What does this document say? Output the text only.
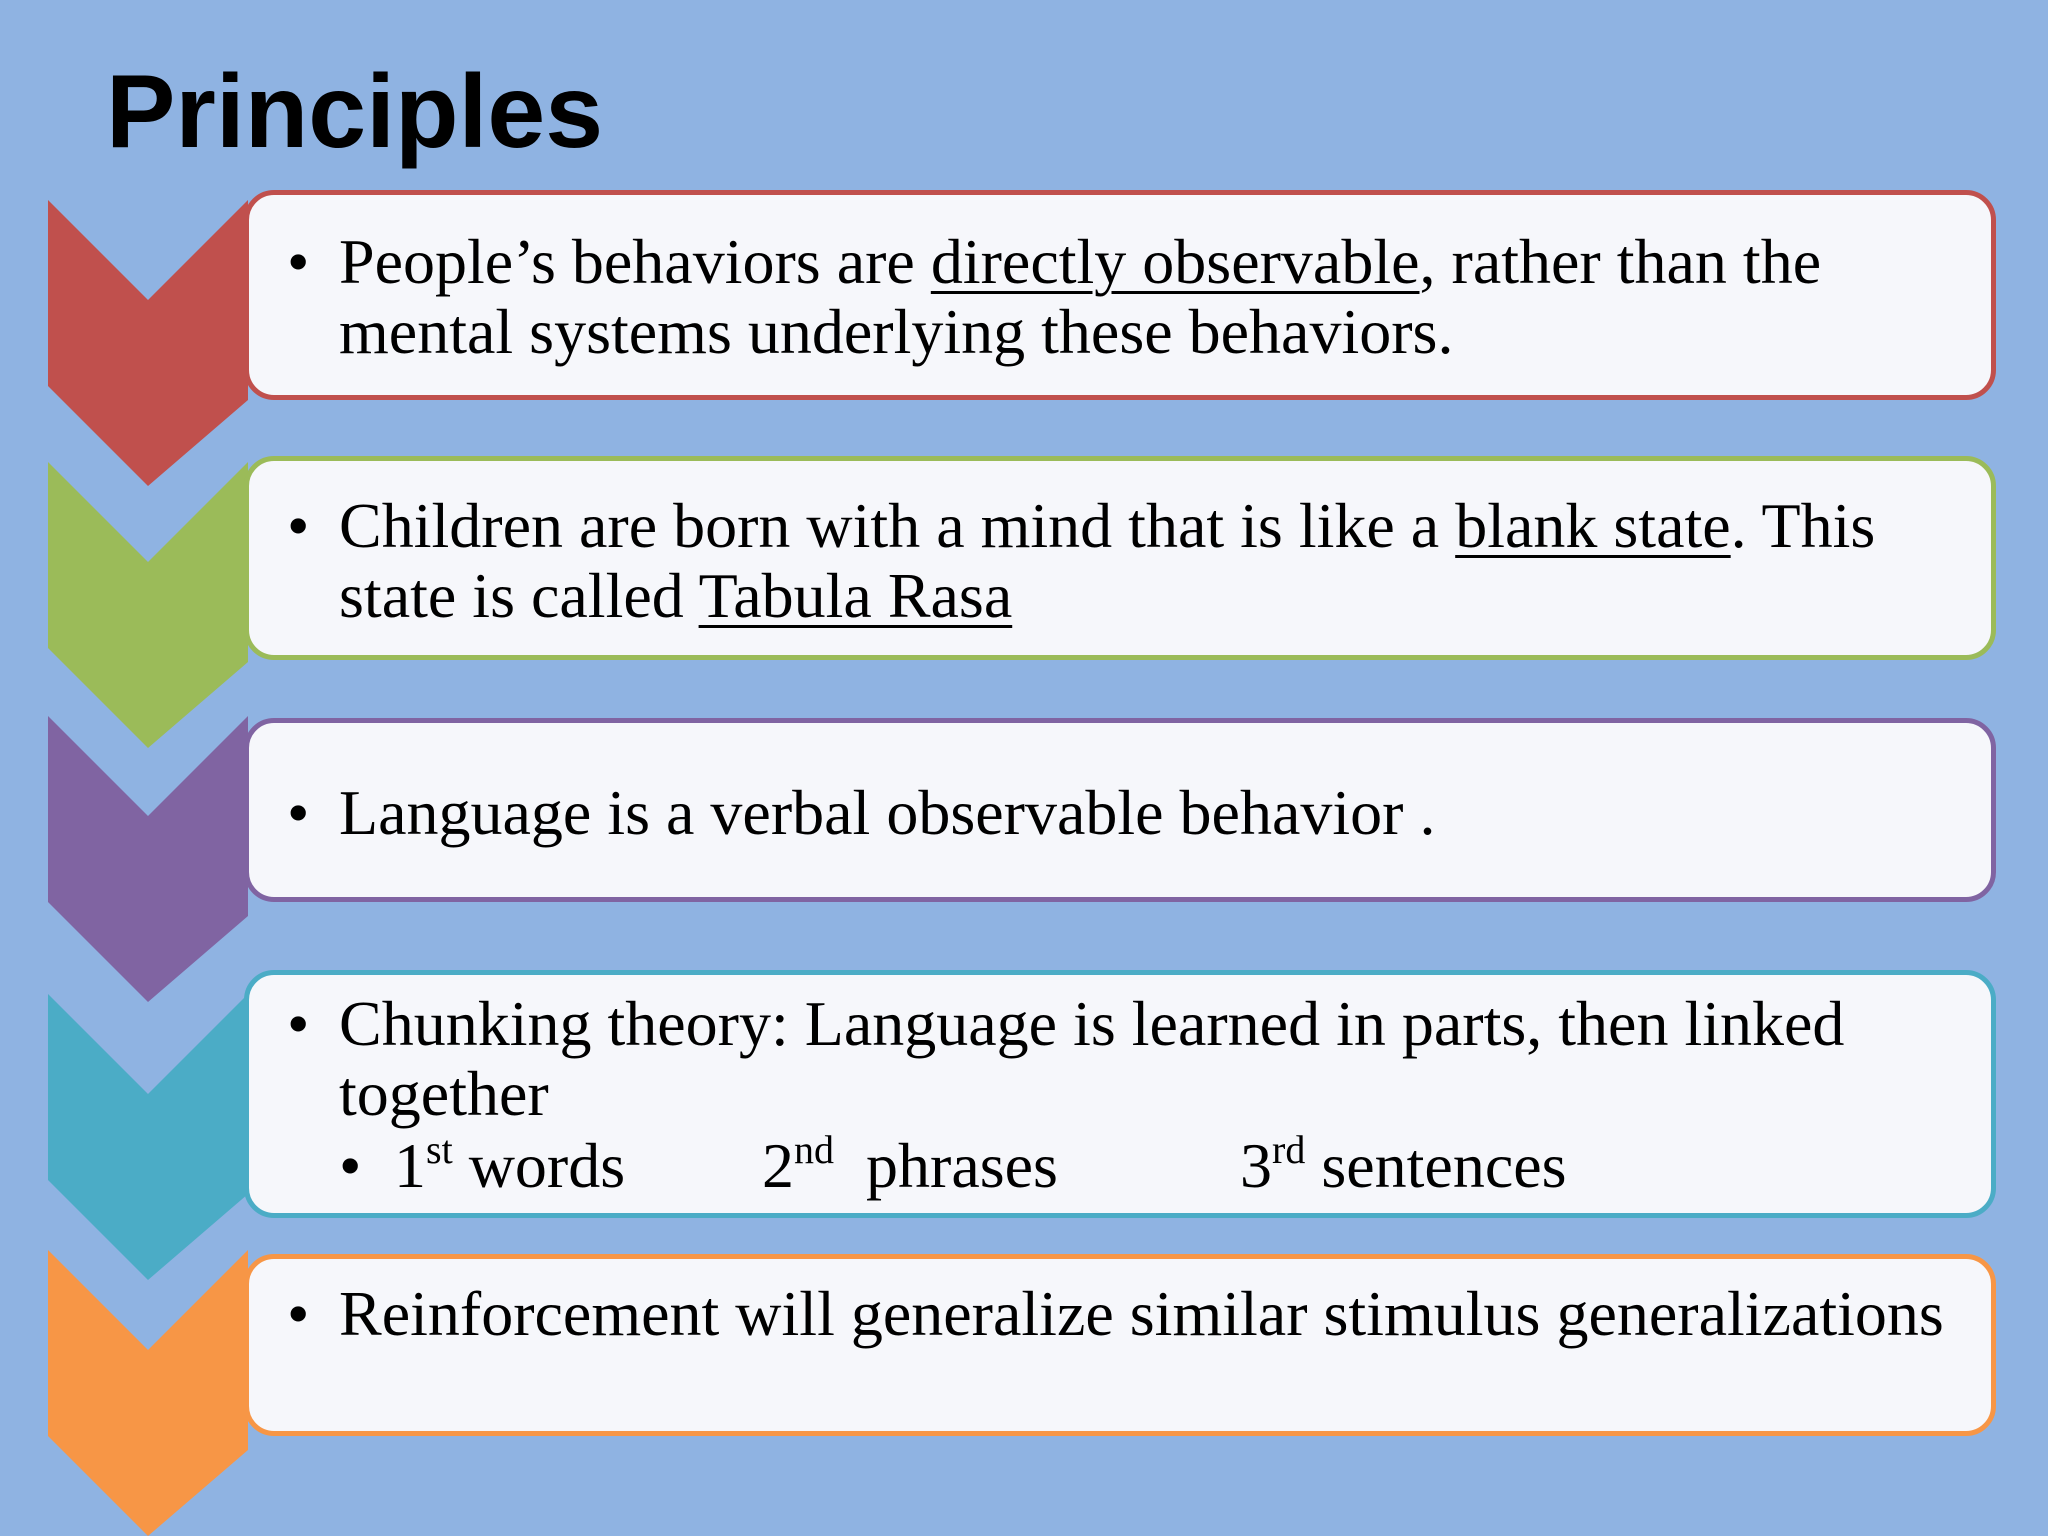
Principles
• People’s behaviors are directly observable, rather than the mental systems underlying these behaviors.
• Children are born with a mind that is like a blank state. This state is called Tabula Rasa
• Language is a verbal observable behavior .
• Chunking theory: Language is learned in parts, then linked together
• 1st words 2nd phrases	3rd sentences
• Reinforcement will generalize similar stimulus generalizations
